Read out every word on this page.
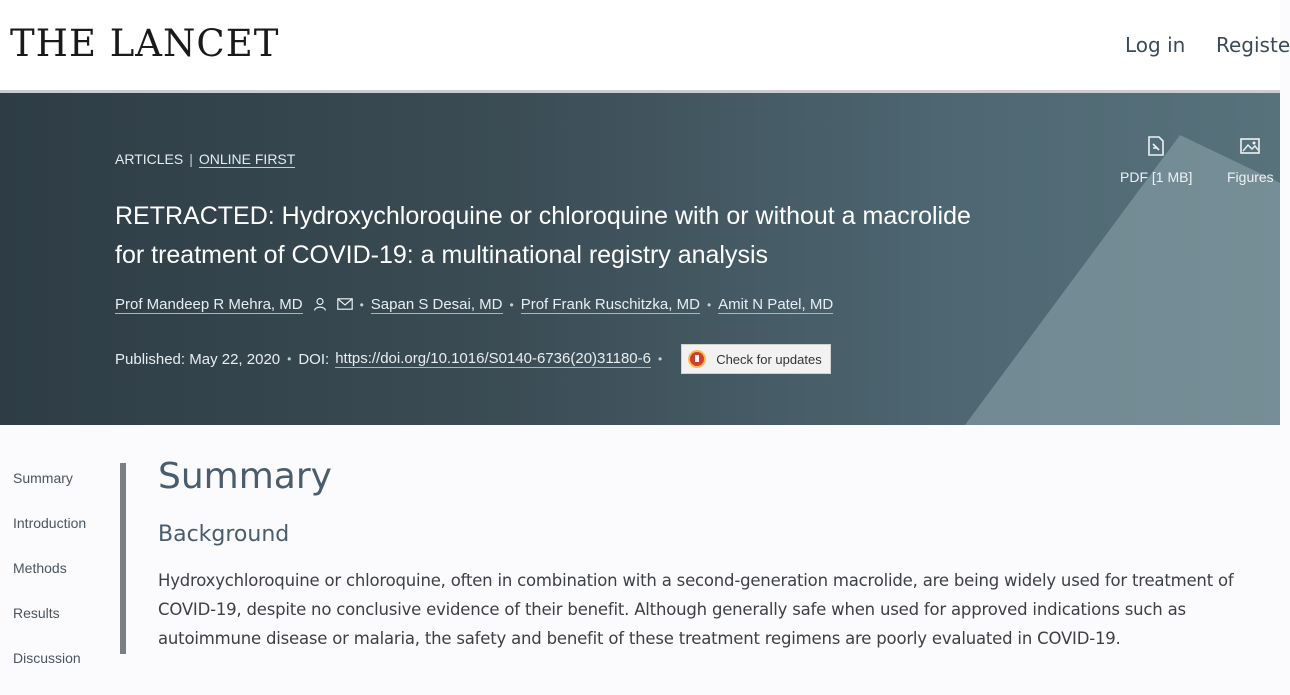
THE LANCET	Log in Registe
ARTICLES | ONLINE FIRST
RETRACTED: Hydroxychloroquine or chloroquine with or without a macrolide for treatment of COVID-19: a multinational registry analysis
Prof Mandeep R Mehra, MD	• Sapan S Desai, MD • Prof Frank Ruschitzka, MD • Amit N Patel, MD
Published:
May 22, 2020 • DOI: https://doi.org/10.1016/S0140-6736(20)31180-6 •	Check for updates
PDF [1 MB] Figures
Summary
Introduction
Methods
Results
Discussion
Summary
Background

Hydroxychloroquine or chloroquine, often in combination with a second-generation macrolide, are being widely used for treatment of COVID-19, despite no conclusive evidence of their benefit. Although generally safe when used for approved indications such as autoimmune disease or malaria, the safety and benefit of these treatment regimens are poorly evaluated in COVID-19.
